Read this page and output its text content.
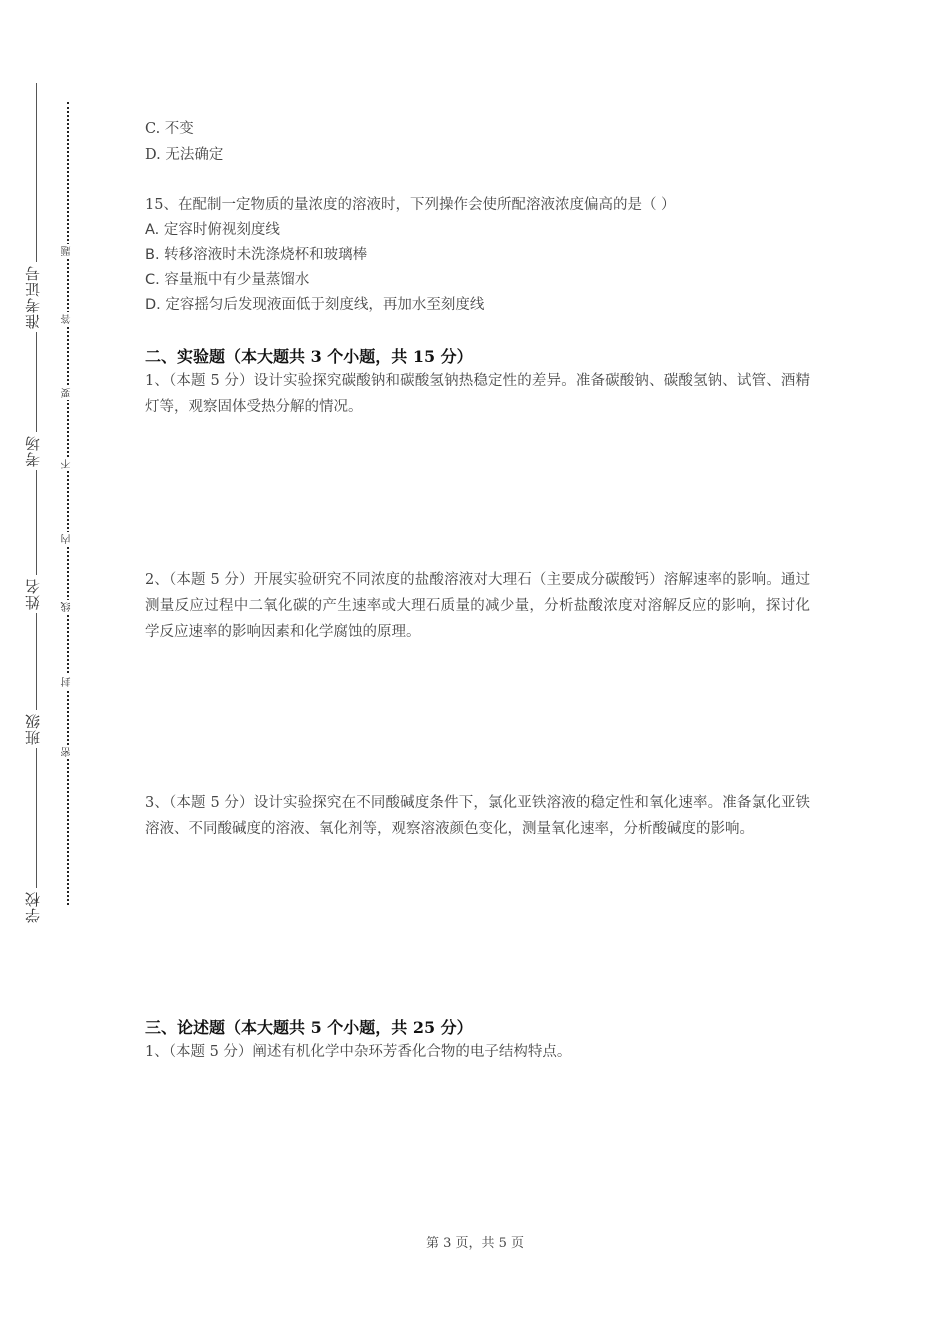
准考证号
考场
姓名
班级
学校
题
答
要
不
内
线
封
密
C. 不变
D. 无法确定
15、在配制一定物质的量浓度的溶液时，下列操作会使所配溶液浓度偏高的是（ ）
A. 定容时俯视刻度线
B. 转移溶液时未洗涤烧杯和玻璃棒
C. 容量瓶中有少量蒸馏水
D. 定容摇匀后发现液面低于刻度线，再加水至刻度线
二、实验题（本大题共 3 个小题，共 15 分）
1、（本题 5 分）设计实验探究碳酸钠和碳酸氢钠热稳定性的差异。准备碳酸钠、碳酸氢钠、试管、酒精灯等，观察固体受热分解的情况。
2、（本题 5 分）开展实验研究不同浓度的盐酸溶液对大理石（主要成分碳酸钙）溶解速率的影响。通过测量反应过程中二氧化碳的产生速率或大理石质量的减少量，分析盐酸浓度对溶解反应的影响，探讨化学反应速率的影响因素和化学腐蚀的原理。
3、（本题 5 分）设计实验探究在不同酸碱度条件下，氯化亚铁溶液的稳定性和氧化速率。准备氯化亚铁溶液、不同酸碱度的溶液、氧化剂等，观察溶液颜色变化，测量氧化速率，分析酸碱度的影响。
三、论述题（本大题共 5 个小题，共 25 分）
1、（本题 5 分）阐述有机化学中杂环芳香化合物的电子结构特点。
第 3 页，共 5 页
